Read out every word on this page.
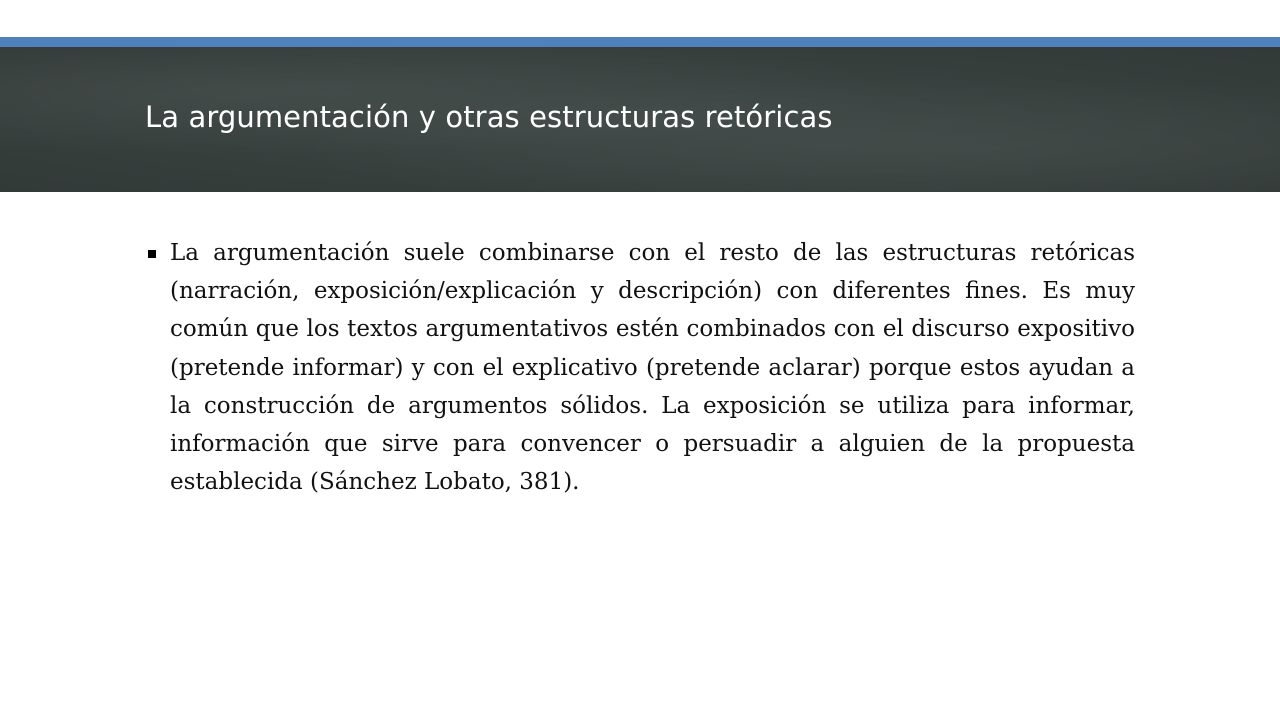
La argumentación y otras estructuras retóricas

La argumentación suele combinarse con el resto de las estructuras retóricas (narración, exposición/explicación y descripción) con diferentes fines. Es muy común que los textos argumentativos estén combinados con el discurso expositivo (pretende informar) y con el explicativo (pretende aclarar) porque estos ayudan a la construcción de argumentos sólidos. La exposición se utiliza para informar, información que sirve para convencer o persuadir a alguien de la propuesta establecida (Sánchez Lobato, 381).
